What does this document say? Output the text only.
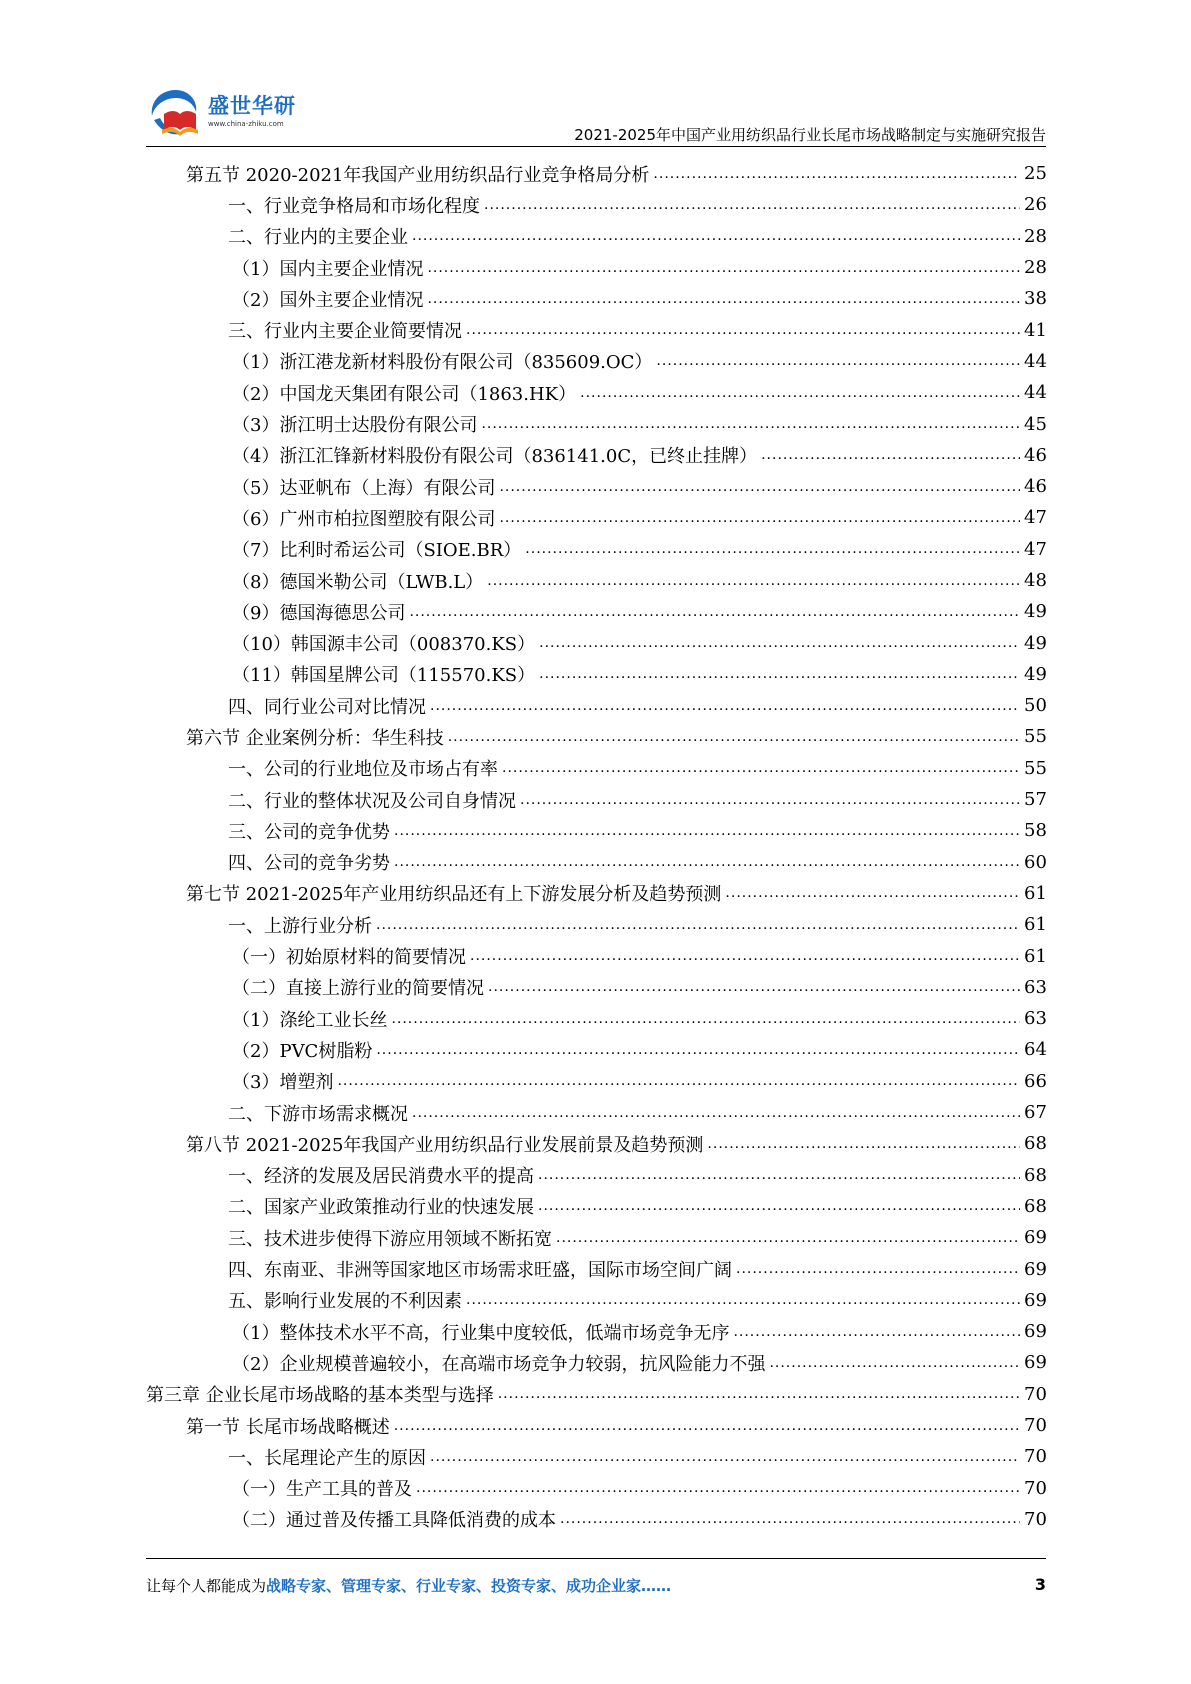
盛世华研
www.china-zhiku.com
2021-2025年中国产业用纺织品行业长尾市场战略制定与实施研究报告
第五节 2020-2021年我国产业用纺织品行业竞争格局分析 .....	25
一、行业竞争格局和市场化程度 .....	26
二、行业内的主要企业 .....	28
（1）国内主要企业情况 .....	28
（2）国外主要企业情况 .....	38
三、行业内主要企业简要情况 .....	41
（1）浙江港龙新材料股份有限公司（835609.OC） .....	44
（2）中国龙天集团有限公司（1863.HK） .....	44
（3）浙江明士达股份有限公司 .....	45
（4）浙江汇锋新材料股份有限公司（836141.0C，已终止挂牌） .....	46
（5）达亚帆布（上海）有限公司 .....	46
（6）广州市柏拉图塑胶有限公司 .....	47
（7）比利时希运公司（SIOE.BR） .....	47
（8）德国米勒公司（LWB.L） .....	48
（9）德国海德思公司 .....	49
（10）韩国源丰公司（008370.KS） .....	49
（11）韩国星牌公司（115570.KS） .....	49
四、同行业公司对比情况 .....	50
第六节 企业案例分析：华生科技 .....	55
一、公司的行业地位及市场占有率 .....	55
二、行业的整体状况及公司自身情况 .....	57
三、公司的竞争优势 .....	58
四、公司的竞争劣势 .....	60
第七节 2021-2025年产业用纺织品还有上下游发展分析及趋势预测 .....	61
一、上游行业分析 .....	61
（一）初始原材料的简要情况 .....	61
（二）直接上游行业的简要情况 .....	63
（1）涤纶工业长丝 .....	63
（2）PVC树脂粉 .....	64
（3）增塑剂 .....	66
二、下游市场需求概况 .....	67
第八节 2021-2025年我国产业用纺织品行业发展前景及趋势预测 .....	68
一、经济的发展及居民消费水平的提高 .....	68
二、国家产业政策推动行业的快速发展 .....	68
三、技术进步使得下游应用领域不断拓宽 .....	69
四、东南亚、非洲等国家地区市场需求旺盛，国际市场空间广阔 .....	69
五、影响行业发展的不利因素 .....	69
（1）整体技术水平不高，行业集中度较低，低端市场竞争无序 .....	69
（2）企业规模普遍较小，在高端市场竞争力较弱，抗风险能力不强 .....	69
第三章 企业长尾市场战略的基本类型与选择 .....	70
第一节 长尾市场战略概述 .....	70
一、长尾理论产生的原因 .....	70
（一）生产工具的普及 .....	70
（二）通过普及传播工具降低消费的成本 .....	70
让每个人都能成为战略专家、管理专家、行业专家、投资专家、成功企业家……	3
